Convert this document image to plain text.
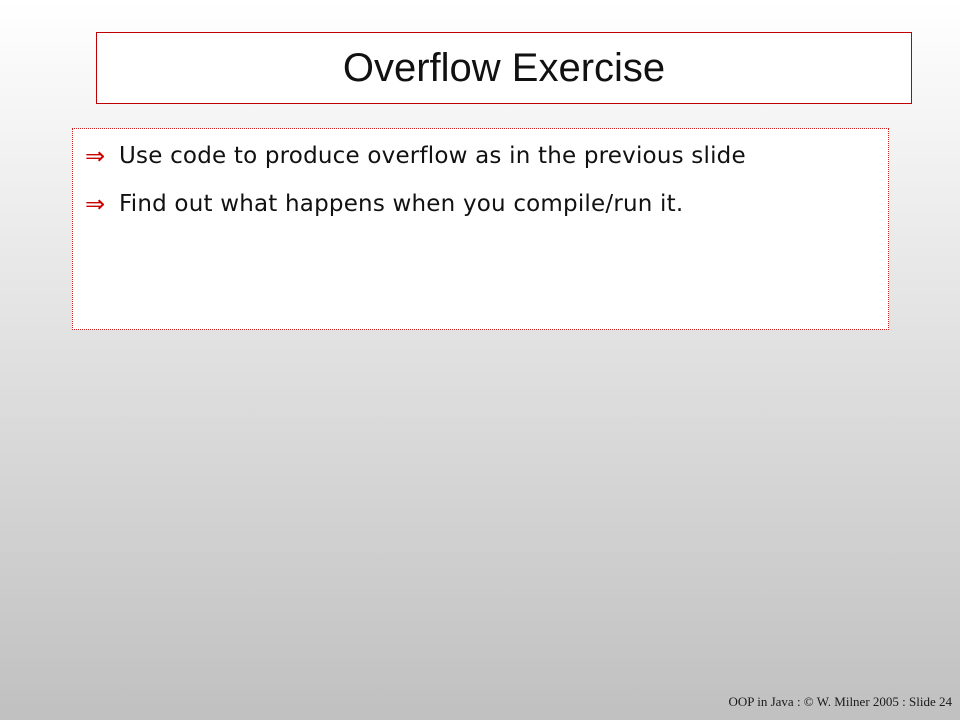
Overflow Exercise
⇒ Use code to produce overflow as in the previous slide
⇒ Find out what happens when you compile/run it.
OOP in Java : © W. Milner 2005 : Slide 24
